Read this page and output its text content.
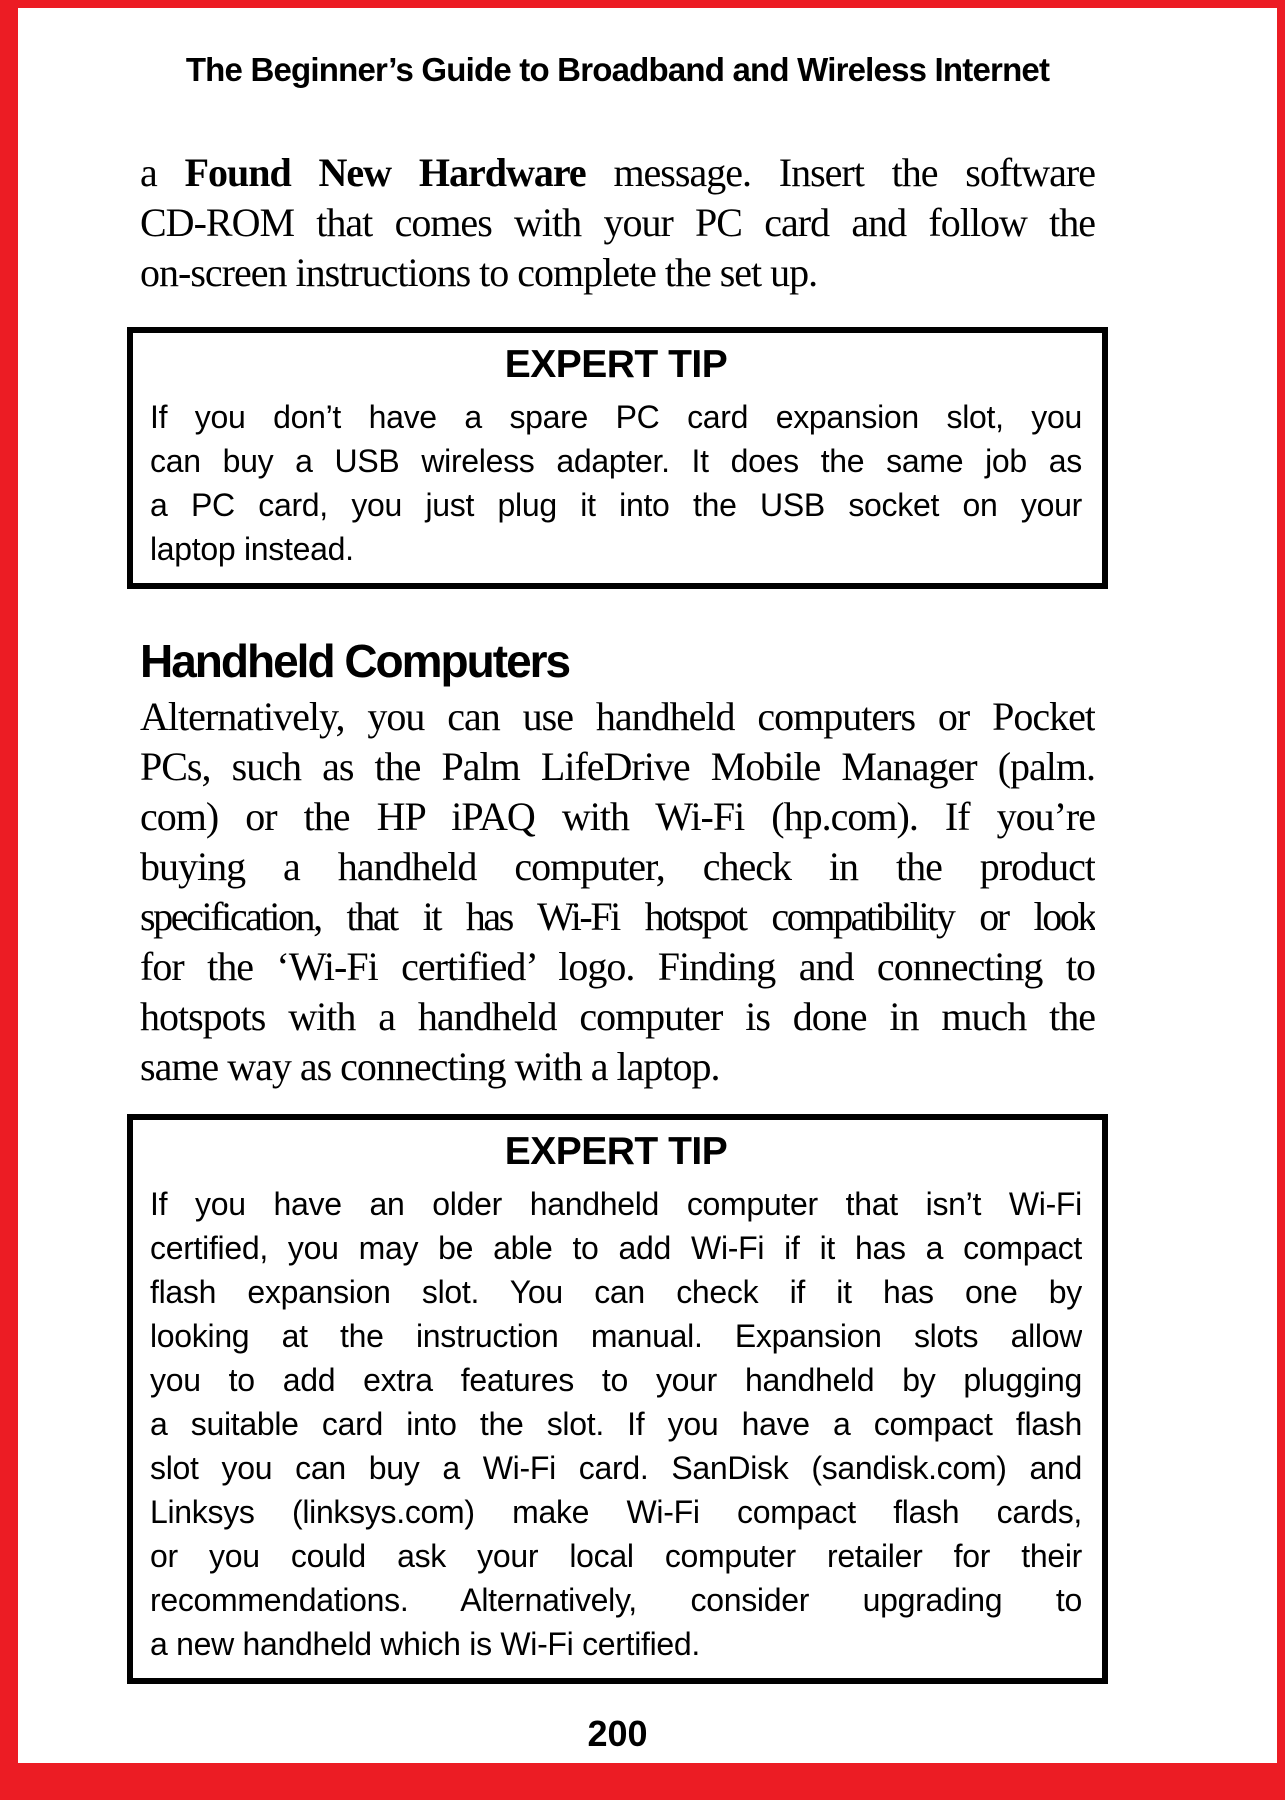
The Beginner’s Guide to Broadband and Wireless Internet
a Found New Hardware message. Insert the software
CD-ROM that comes with your PC card and follow the
on-screen instructions to complete the set up.
EXPERT TIP
If you don’t have a spare PC card expansion slot, you
can buy a USB wireless adapter. It does the same job as
a PC card, you just plug it into the USB socket on your
laptop instead.
Handheld Computers
Alternatively, you can use handheld computers or Pocket
PCs, such as the Palm LifeDrive Mobile Manager (palm.
com) or the HP iPAQ with Wi-Fi (hp.com). If you’re
buying a handheld computer, check in the product
specification, that it has Wi-Fi hotspot compatibility or look
for the ‘Wi-Fi certified’ logo. Finding and connecting to
hotspots with a handheld computer is done in much the
same way as connecting with a laptop.
EXPERT TIP
If you have an older handheld computer that isn’t Wi-Fi
certified, you may be able to add Wi-Fi if it has a compact
flash expansion slot. You can check if it has one by
looking at the instruction manual. Expansion slots allow
you to add extra features to your handheld by plugging
a suitable card into the slot. If you have a compact flash
slot you can buy a Wi-Fi card. SanDisk (sandisk.com) and
Linksys (linksys.com) make Wi-Fi compact flash cards,
or you could ask your local computer retailer for their
recommendations. Alternatively, consider upgrading to
a new handheld which is Wi-Fi certified.
200
